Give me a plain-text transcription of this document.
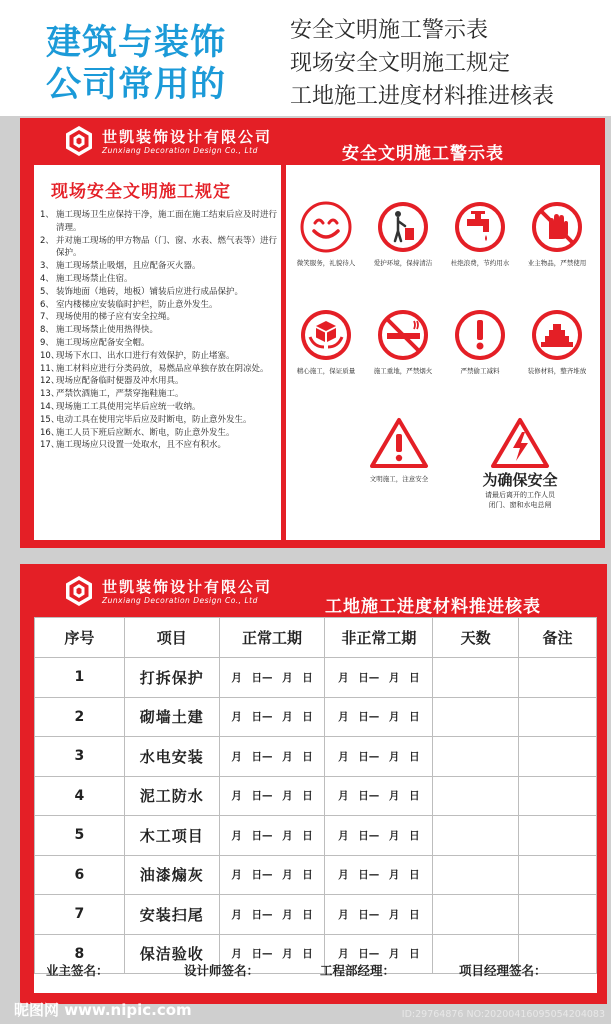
建筑与装饰
公司常用的
安全文明施工警示表
现场安全文明施工规定
工地施工进度材料推进核表
世凯装饰设计有限公司
Zunxiang Decoration Design Co., Ltd	安全文明施工警示表
现场安全文明施工规定
1、 施工现场卫生应保持干净，施工面在施工结束后应及时进行清理。
2、 并对施工现场的甲方物品（门、窗、水表、燃气表等）进行保护。
3、 施工现场禁止吸烟，且应配备灭火器。
4、 施工现场禁止住宿。
5、 装饰地面（地砖，地板）铺装后应进行成品保护。
6、 室内楼梯应安装临时护栏，防止意外发生。
7、 现场使用的梯子应有安全拉绳。
8、 施工现场禁止使用热得快。
9、 施工现场应配备安全帽。
10、
现场下水口、出水口进行有效保护，防止堵塞。
11、
施工材料应进行分类码放，易燃品应单独存放在阴凉处。
12、
现场应配备临时便器及冲水用具。
13、
严禁饮酒施工，严禁穿拖鞋施工。
14、
现场施工工具使用完毕后应统一收纳。
15、
电动工具在使用完毕后应及时断电，防止意外发生。
16、
施工人员下班后应断水、断电，防止意外发生。
17、
施工现场应只设置一处取水，且不应有积水。
微笑服务，礼貌待人	爱护环境，保持清洁	杜绝浪费，节约用水	业主物品，严禁使用
精心施工，保证质量	施工重地，严禁烟火	严禁偷工减料	装修材料，整齐堆放
文明施工，注意安全	为确保安全
请最后离开的工作人员
闭门、窗和水电总闸
世凯装饰设计有限公司
Zunxiang Decoration Design Co., Ltd	工地施工进度材料推进核表
序号	项目	正常工期	非正常工期	天数	备注
1	打拆保护	月 日— 月 日	月 日— 月 日		
2	砌墙土建	月 日— 月 日	月 日— 月 日		
3	水电安装	月 日— 月 日	月 日— 月 日		
4	泥工防水	月 日— 月 日	月 日— 月 日		
5	木工项目	月 日— 月 日	月 日— 月 日		
6	油漆煽灰	月 日— 月 日	月 日— 月 日		
7	安装扫尾	月 日— 月 日	月 日— 月 日		
8	保洁验收	月 日— 月 日	月 日— 月 日		
业主签名：	设计师签名：	工程部经理：	项目经理签名：
昵图网 www.nipic.com	ID:29764876 NO:20200416095054204083
